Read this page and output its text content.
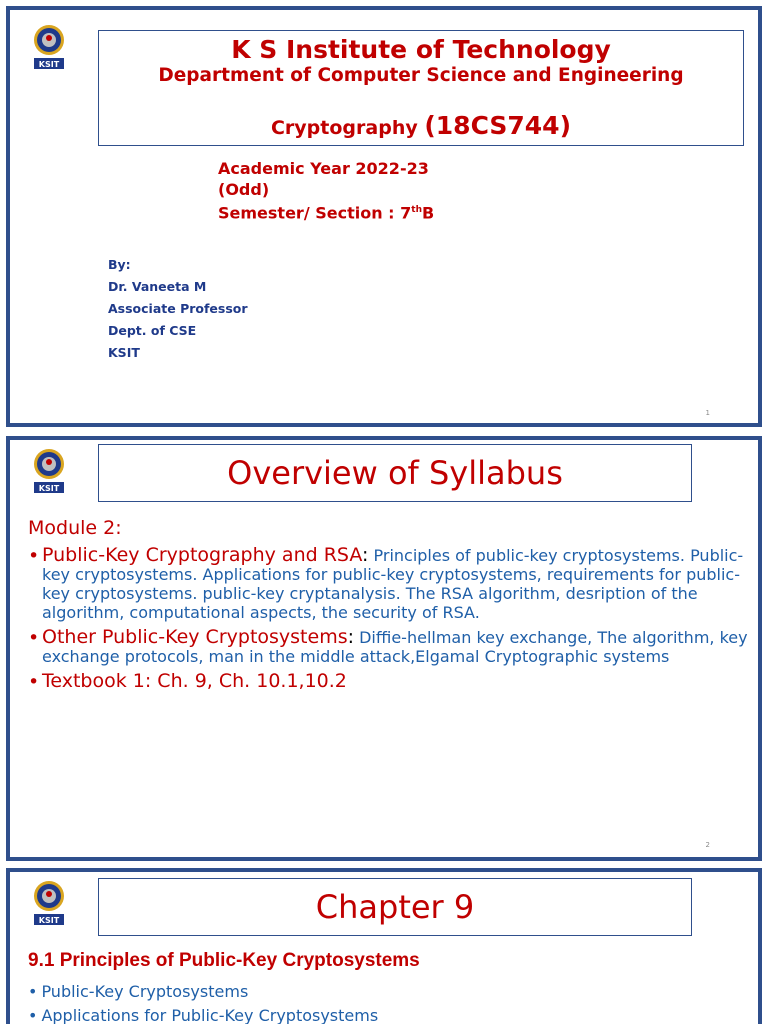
KSIT
K S Institute of Technology
Department of Computer Science and Engineering
Cryptography (18CS744)
Academic Year 2022-23
(Odd)
Semester/ Section : 7thB
By:
Dr. Vaneeta M
Associate Professor
Dept. of CSE
KSIT
1
KSIT	Overview of Syllabus
Module 2:
• Public-Key Cryptography and RSA: Principles of public-key cryptosystems. Public-key cryptosystems. Applications for public-key cryptosystems, requirements for public-key cryptosystems. public-key cryptanalysis. The RSA algorithm, desription of the algorithm, computational aspects, the security of RSA.
• Other Public-Key Cryptosystems: Diffie-hellman key exchange, The algorithm, key exchange protocols, man in the middle attack,Elgamal Cryptographic systems
• Textbook 1: Ch. 9, Ch. 10.1,10.2
2
KSIT	Chapter 9
9.1 Principles of Public-Key Cryptosystems
• Public-Key Cryptosystems
• Applications for Public-Key Cryptosystems
